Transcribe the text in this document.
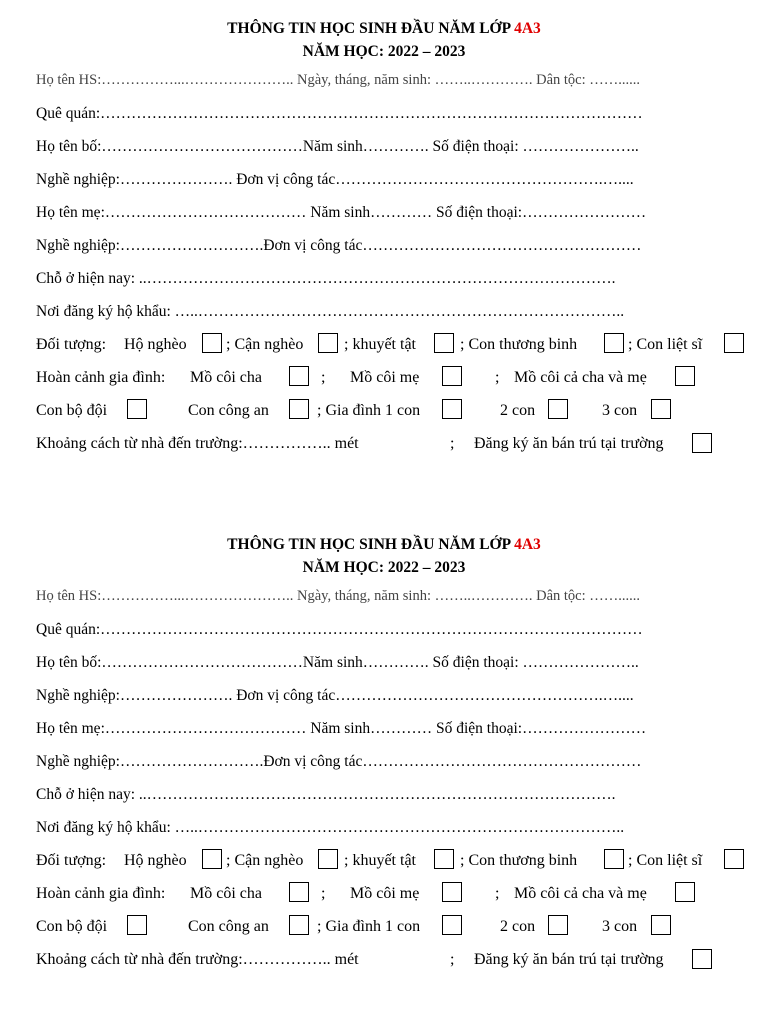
THÔNG TIN HỌC SINH ĐẦU NĂM LỚP 4A3
NĂM HỌC: 2022 – 2023
Họ tên HS:……………...………………….. Ngày, tháng, năm sinh: ……..…………. Dân tộc: ……......
Quê quán:……………………………………………………………………………………………
Họ tên bố:…………………………………Năm sinh…………. Số điện thoại: …………………..
Nghề nghiệp:…………………. Đơn vị công tác…………………………………………….…....
Họ tên mẹ:………………………………… Năm sinh………… Số điện thoại:……………………
Nghề nghiệp:……………………….Đơn vị công tác………………………………………………
Chỗ ở hiện nay: ..……………………………………………………………………………….
Nơi đăng ký hộ khẩu: …..………………………………………………………………………..
Đối tượng: Hộ nghèo ; Cận nghèo	; khuyết tật	; Con thương binh	; Con liệt sĩ
Hoàn cảnh gia đình: Mồ côi cha	; Mồ côi mẹ	; Mồ côi cả cha và mẹ
Con bộ đội	Con công an	; Gia đình 1 con	2 con	3 con
Khoảng cách từ nhà đến trường:…………….. mét	; Đăng ký ăn bán trú tại trường
THÔNG TIN HỌC SINH ĐẦU NĂM LỚP 4A3
NĂM HỌC: 2022 – 2023
Họ tên HS:……………...………………….. Ngày, tháng, năm sinh: ……..…………. Dân tộc: ……......
Quê quán:……………………………………………………………………………………………
Họ tên bố:…………………………………Năm sinh…………. Số điện thoại: …………………..
Nghề nghiệp:…………………. Đơn vị công tác…………………………………………….…....
Họ tên mẹ:………………………………… Năm sinh………… Số điện thoại:……………………
Nghề nghiệp:……………………….Đơn vị công tác………………………………………………
Chỗ ở hiện nay: ..……………………………………………………………………………….
Nơi đăng ký hộ khẩu: …..………………………………………………………………………..
Đối tượng: Hộ nghèo ; Cận nghèo	; khuyết tật	; Con thương binh	; Con liệt sĩ
Hoàn cảnh gia đình: Mồ côi cha	; Mồ côi mẹ	; Mồ côi cả cha và mẹ
Con bộ đội	Con công an	; Gia đình 1 con	2 con	3 con
Khoảng cách từ nhà đến trường:…………….. mét	; Đăng ký ăn bán trú tại trường
